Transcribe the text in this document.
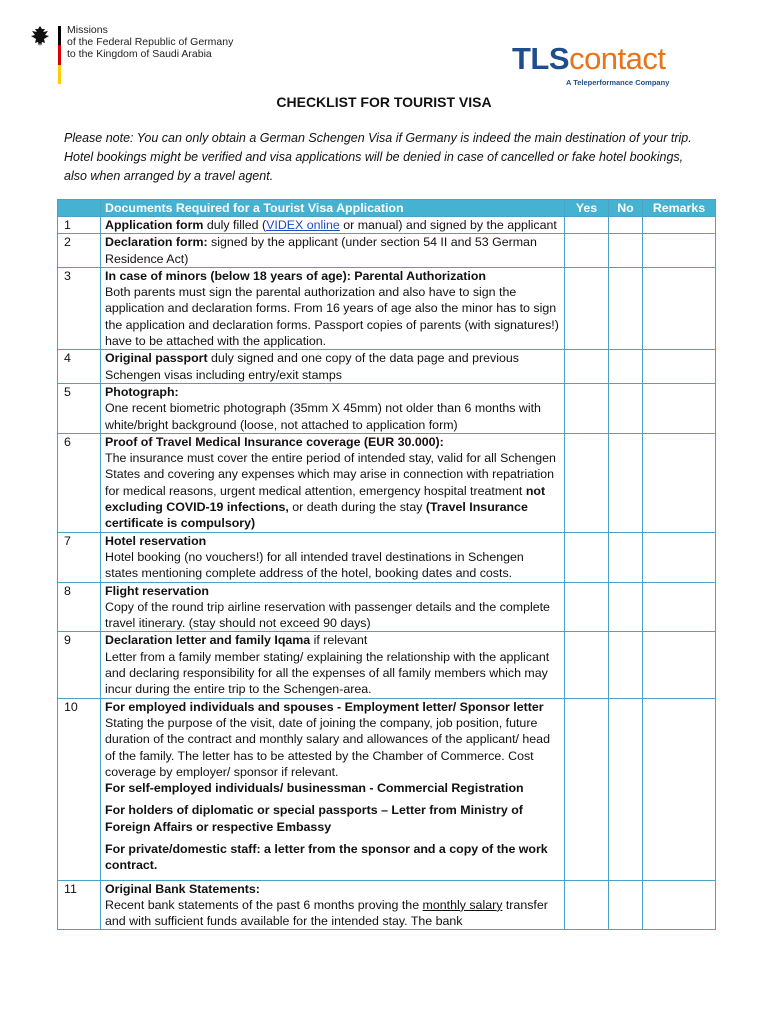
Missions
of the Federal Republic of Germany
to the Kingdom of Saudi Arabia	TLScontact
A Teleperformance Company
CHECKLIST FOR TOURIST VISA

Please note: You can only obtain a German Schengen Visa if Germany is indeed the main destination of your trip. Hotel bookings might be verified and visa applications will be denied in case of cancelled or fake hotel bookings, also when arranged by a travel agent.

	Documents Required for a Tourist Visa Application	Yes	No	Remarks
1	Application form duly filled (VIDEX online or manual) and signed by the applicant			
2	Declaration form: signed by the applicant (under section 54 II and 53 German Residence Act)			
3	In case of minors (below 18 years of age): Parental Authorization
Both parents must sign the parental authorization and also have to sign the application and declaration forms. From 16 years of age also the minor has to sign the application and declaration forms. Passport copies of parents (with signatures!) have to be attached with the application.			

4	Original passport duly signed and one copy of the data page and previous Schengen visas including entry/exit stamps			
5	Photograph:
One recent biometric photograph (35mm X 45mm) not older than 6 months with white/bright background (loose, not attached to application form)			

6	Proof of Travel Medical Insurance coverage (EUR 30.000):
The insurance must cover the entire period of intended stay, valid for all Schengen States and covering any expenses which may arise in connection with repatriation for medical reasons, urgent medical attention, emergency hospital treatment not excluding COVID-19 infections, or death during the stay (Travel Insurance certificate is compulsory)			

7	Hotel reservation
Hotel booking (no vouchers!) for all intended travel destinations in Schengen states mentioning complete address of the hotel, booking dates and costs.			

8	Flight reservation
Copy of the round trip airline reservation with passenger details and the complete travel itinerary. (stay should not exceed 90 days)			

9	Declaration letter and family Iqama if relevant
Letter from a family member stating/ explaining the relationship with the applicant and declaring responsibility for all the expenses of all family members which may incur during the entire trip to the Schengen-area.			

10	For employed individuals and spouses - Employment letter/ Sponsor letter
Stating the purpose of the visit, date of joining the company, job position, future duration of the contract and monthly salary and allowances of the applicant/ head of the family. The letter has to be attested by the Chamber of Commerce. Cost coverage by employer/ sponsor if relevant.
For self-employed individuals/ businessman - Commercial Registration
For holders of diplomatic or special passports – Letter from Ministry of Foreign Affairs or respective Embassy
For private/domestic staff: a letter from the sponsor and a copy of the work contract.			

11	Original Bank Statements:
Recent bank statements of the past 6 months proving the monthly salary transfer and with sufficient funds available for the intended stay. The bank			
